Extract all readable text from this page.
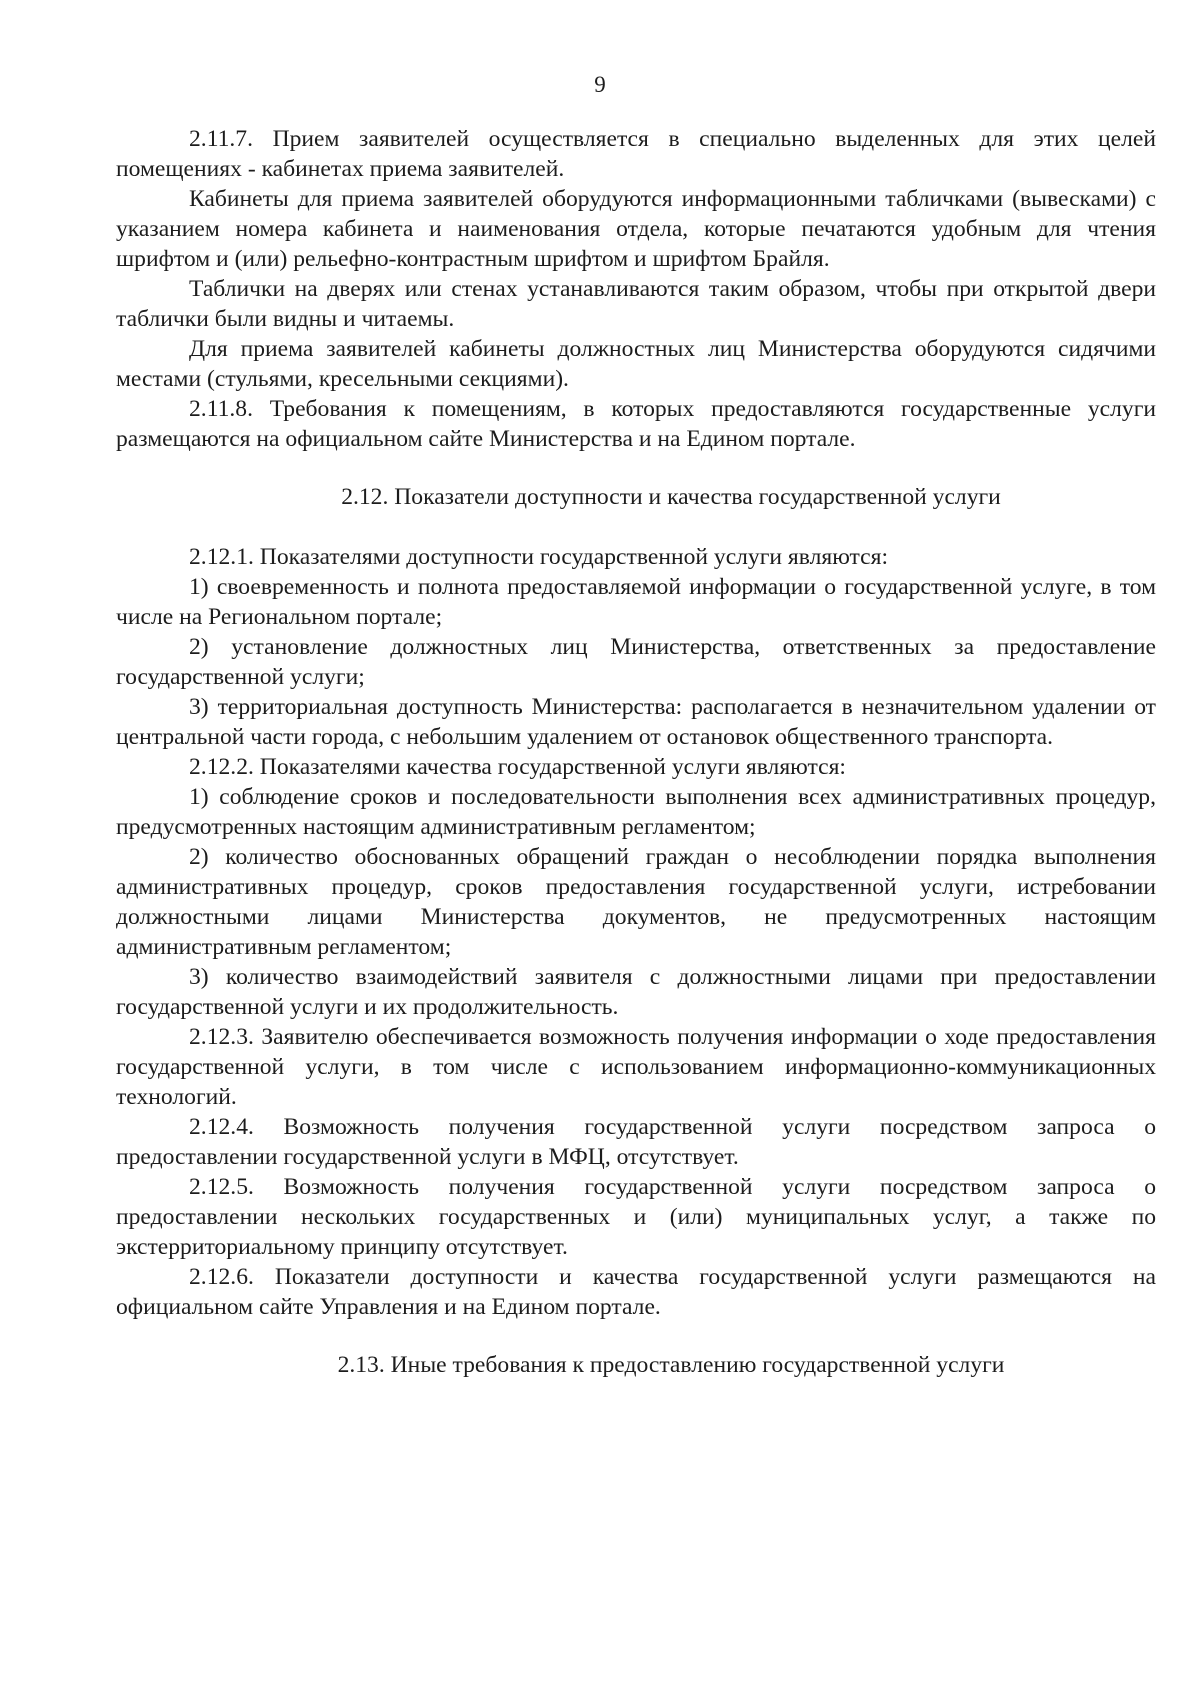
9

2.11.7. Прием заявителей осуществляется в специально выделенных для этих целей помещениях - кабинетах приема заявителей.

Кабинеты для приема заявителей оборудуются информационными табличками (вывесками) с указанием номера кабинета и наименования отдела, которые печатаются удобным для чтения шрифтом и (или) рельефно-контрастным шрифтом и шрифтом Брайля.

Таблички на дверях или стенах устанавливаются таким образом, чтобы при открытой двери таблички были видны и читаемы.

Для приема заявителей кабинеты должностных лиц Министерства оборудуются сидячими местами (стульями, кресельными секциями).

2.11.8. Требования к помещениям, в которых предоставляются государственные услуги размещаются на официальном сайте Министерства и на Едином портале.

2.12. Показатели доступности и качества государственной услуги

2.12.1. Показателями доступности государственной услуги являются:

1) своевременность и полнота предоставляемой информации о государственной услуге, в том числе на Региональном портале;

2) установление должностных лиц Министерства, ответственных за предоставление государственной услуги;

3) территориальная доступность Министерства: располагается в незначительном удалении от центральной части города, с небольшим удалением от остановок общественного транспорта.

2.12.2. Показателями качества государственной услуги являются:

1) соблюдение сроков и последовательности выполнения всех административных процедур, предусмотренных настоящим административным регламентом;

2) количество обоснованных обращений граждан о несоблюдении порядка выполнения административных процедур, сроков предоставления государственной услуги, истребовании должностными лицами Министерства документов, не предусмотренных настоящим административным регламентом;

3) количество взаимодействий заявителя с должностными лицами при предоставлении государственной услуги и их продолжительность.

2.12.3. Заявителю обеспечивается возможность получения информации о ходе предоставления государственной услуги, в том числе с использованием информационно-коммуникационных технологий.

2.12.4. Возможность получения государственной услуги посредством запроса о предоставлении государственной услуги в МФЦ, отсутствует.

2.12.5. Возможность получения государственной услуги посредством запроса о предоставлении нескольких государственных и (или) муниципальных услуг, а также по экстерриториальному принципу отсутствует.

2.12.6. Показатели доступности и качества государственной услуги размещаются на официальном сайте Управления и на Едином портале.

2.13. Иные требования к предоставлению государственной услуги
